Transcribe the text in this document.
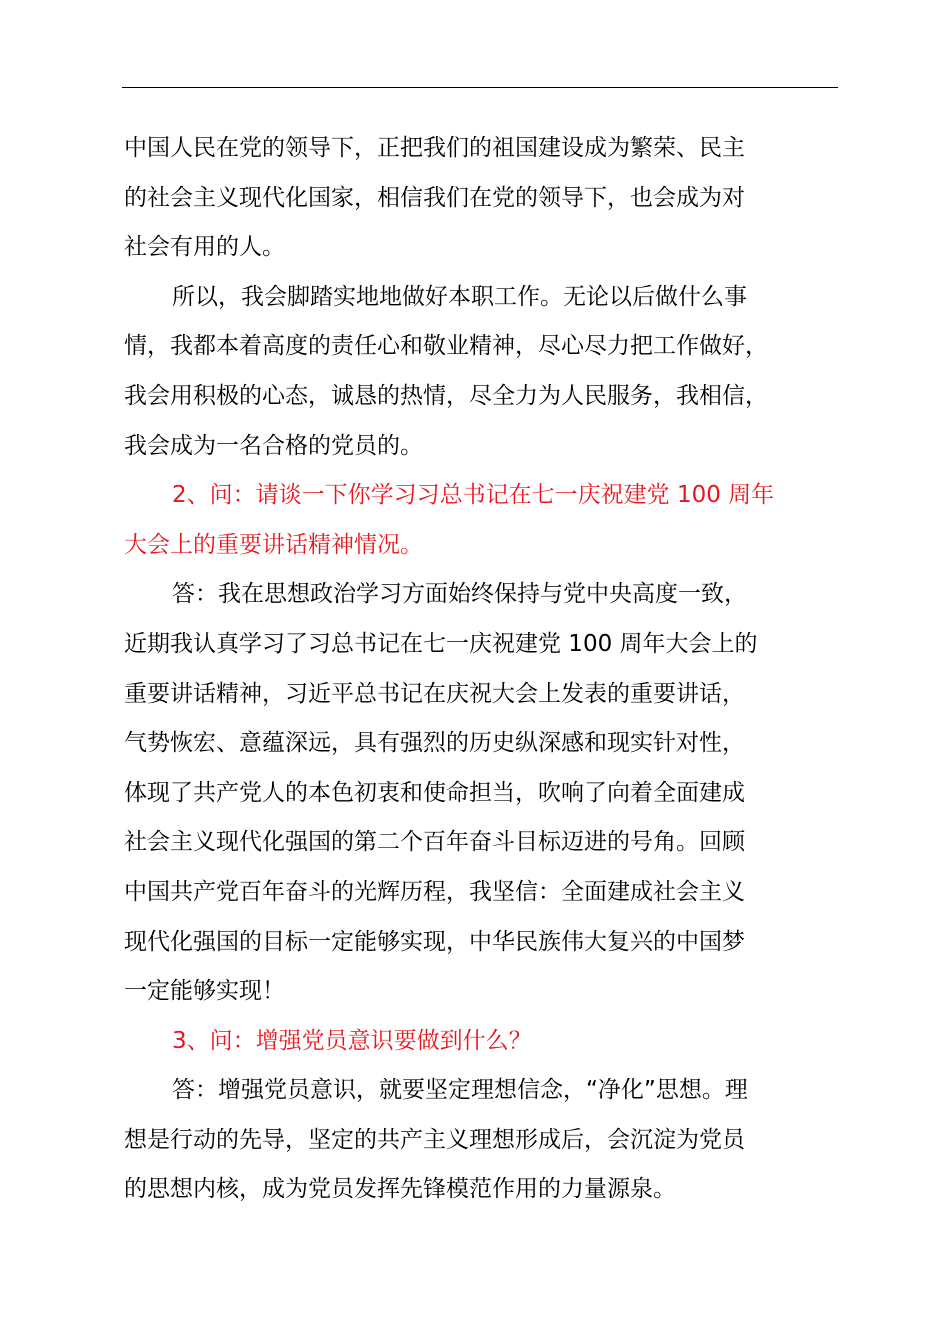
中国人民在党的领导下，正把我们的祖国建设成为繁荣、民主
的社会主义现代化国家，相信我们在党的领导下，也会成为对
社会有用的人。

所以，我会脚踏实地地做好本职工作。无论以后做什么事
情，我都本着高度的责任心和敬业精神，尽心尽力把工作做好，
我会用积极的心态，诚恳的热情，尽全力为人民服务，我相信，
我会成为一名合格的党员的。

2、问：请谈一下你学习习总书记在七一庆祝建党 100 周年
大会上的重要讲话精神情况。

答：我在思想政治学习方面始终保持与党中央高度一致，
近期我认真学习了习总书记在七一庆祝建党 100 周年大会上的
重要讲话精神，习近平总书记在庆祝大会上发表的重要讲话，
气势恢宏、意蕴深远，具有强烈的历史纵深感和现实针对性，
体现了共产党人的本色初衷和使命担当，吹响了向着全面建成
社会主义现代化强国的第二个百年奋斗目标迈进的号角。回顾
中国共产党百年奋斗的光辉历程，我坚信：全面建成社会主义
现代化强国的目标一定能够实现，中华民族伟大复兴的中国梦
一定能够实现！

3、问：增强党员意识要做到什么？

答：增强党员意识，就要坚定理想信念，“净化”思想。理
想是行动的先导，坚定的共产主义理想形成后，会沉淀为党员
的思想内核，成为党员发挥先锋模范作用的力量源泉。
